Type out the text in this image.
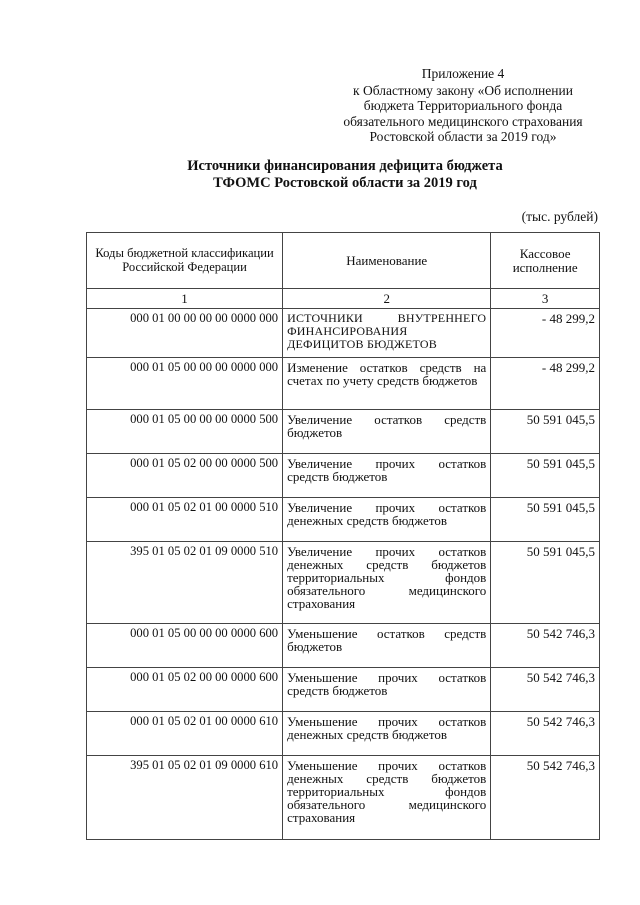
Приложение 4
к Областному закону «Об исполнении
бюджета Территориального фонда
обязательного медицинского страхования
Ростовской области за 2019 год»
Источники финансирования дефицита бюджета
ТФОМС Ростовской области за 2019 год
(тыс. рублей)
Коды бюджетной классификации Российской Федерации	Наименование	Кассовое исполнение
1	2	3
000 01 00 00 00 00 0000 000	ИСТОЧНИКИ ВНУТРЕННЕГО ФИНАНСИРОВАНИЯ ДЕФИЦИТОВ БЮДЖЕТОВ	- 48 299,2
000 01 05 00 00 00 0000 000	Изменение остатков средств на счетах по учету средств бюджетов	- 48 299,2
000 01 05 00 00 00 0000 500	Увеличение остатков средств бюджетов	50 591 045,5
000 01 05 02 00 00 0000 500	Увеличение прочих остатков средств бюджетов	50 591 045,5
000 01 05 02 01 00 0000 510	Увеличение прочих остатков денежных средств бюджетов	50 591 045,5
395 01 05 02 01 09 0000 510	Увеличение прочих остатков денежных средств бюджетов территориальных фондов обязательного медицинского страхования	50 591 045,5
000 01 05 00 00 00 0000 600	Уменьшение остатков средств бюджетов	50 542 746,3
000 01 05 02 00 00 0000 600	Уменьшение прочих остатков средств бюджетов	50 542 746,3
000 01 05 02 01 00 0000 610	Уменьшение прочих остатков денежных средств бюджетов	50 542 746,3
395 01 05 02 01 09 0000 610	Уменьшение прочих остатков денежных средств бюджетов территориальных фондов обязательного медицинского страхования	50 542 746,3
